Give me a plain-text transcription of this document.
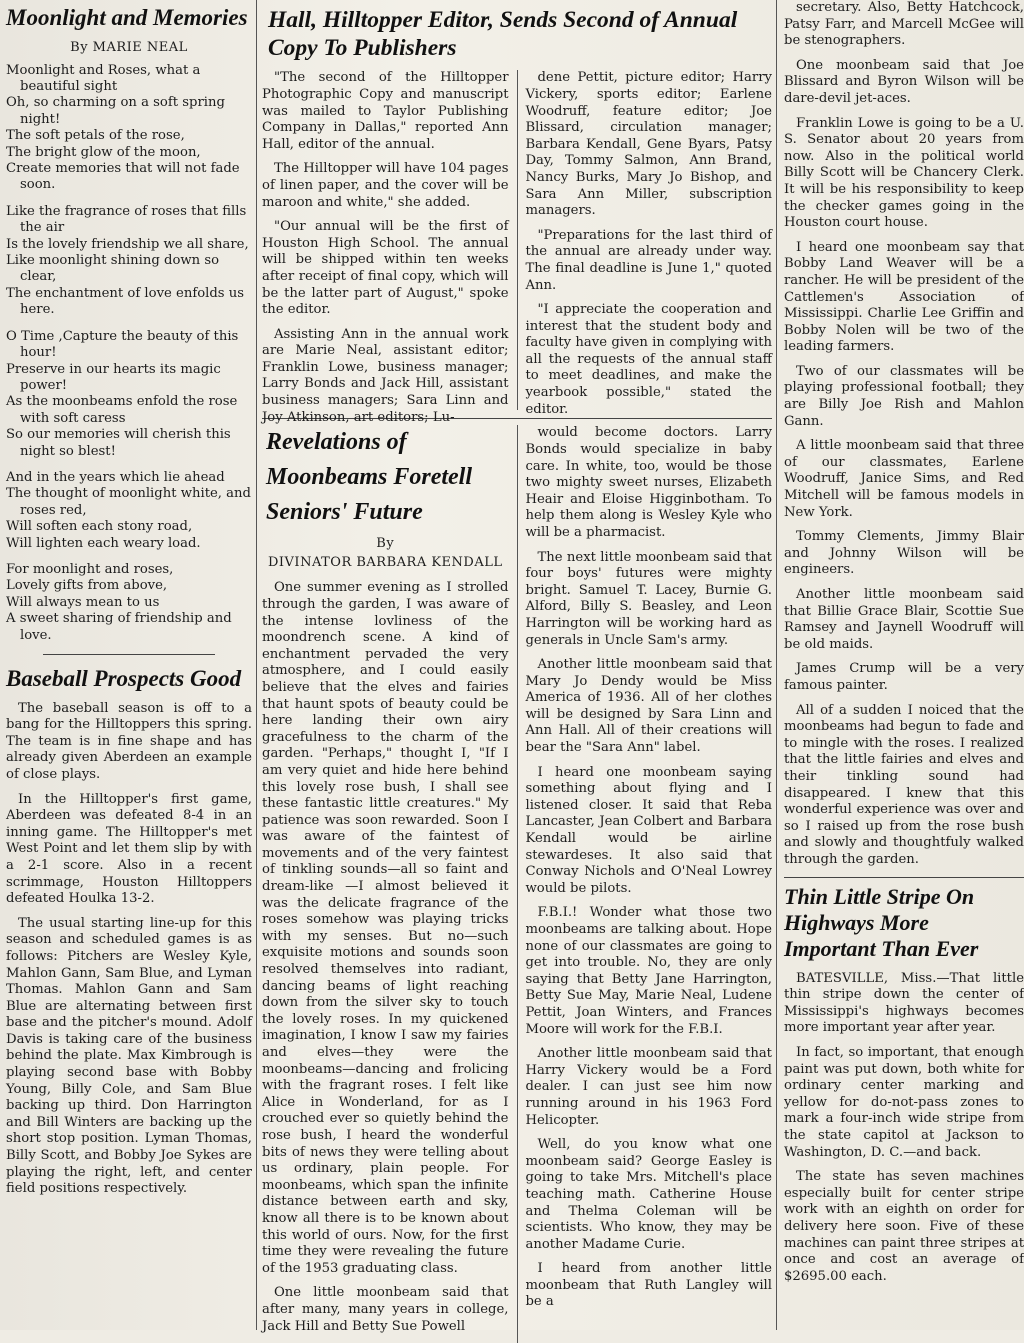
Moonlight and Memories
By MARIE NEAL

Moonlight and Roses, what a beautiful sight

Oh, so charming on a soft spring night!

The soft petals of the rose,

The bright glow of the moon,

Create memories that will not fade soon.

Like the fragrance of roses that fills the air

Is the lovely friendship we all share,

Like moonlight shining down so clear,

The enchantment of love enfolds us here.

O Time ,Capture the beauty of this hour!

Preserve in our hearts its magic power!

As the moonbeams enfold the rose with soft caress

So our memories will cherish this night so blest!

And in the years which lie ahead

The thought of moonlight white, and roses red,

Will soften each stony road,

Will lighten each weary load.

For moonlight and roses,

Lovely gifts from above,

Will always mean to us

A sweet sharing of friendship and love.

Baseball Prospects Good

The baseball season is off to a bang for the Hilltoppers this spring. The team is in fine shape and has already given Aberdeen an example of close plays.

In the Hilltopper's first game, Aberdeen was defeated 8-4 in an inning game. The Hilltopper's met West Point and let them slip by with a 2-1 score. Also in a recent scrimmage, Houston Hilltoppers defeated Houlka 13-2.

The usual starting line-up for this season and scheduled games is as follows: Pitchers are Wesley Kyle, Mahlon Gann, Sam Blue, and Lyman Thomas. Mahlon Gann and Sam Blue are alternating between first base and the pitcher's mound. Adolf Davis is taking care of the business behind the plate. Max Kimbrough is playing second base with Bobby Young, Billy Cole, and Sam Blue backing up third. Don Harrington and Bill Winters are backing up the short stop position. Lyman Thomas, Billy Scott, and Bobby Joe Sykes are playing the right, left, and center field positions respectively.

Hall, Hilltopper Editor, Sends Second of Annual Copy To Publishers

"The second of the Hilltopper Photographic Copy and manuscript was mailed to Taylor Publishing Company in Dallas," reported Ann Hall, editor of the annual.

The Hilltopper will have 104 pages of linen paper, and the cover will be maroon and white," she added.

"Our annual will be the first of Houston High School. The annual will be shipped within ten weeks after receipt of final copy, which will be the latter part of August," spoke the editor.

Assisting Ann in the annual work are Marie Neal, assistant editor; Franklin Lowe, business manager; Larry Bonds and Jack Hill, assistant business managers; Sara Linn and Joy Atkinson, art editors; Lu-

dene Pettit, picture editor; Harry Vickery, sports editor; Earlene Woodruff, feature editor; Joe Blissard, circulation manager; Barbara Kendall, Gene Byars, Patsy Day, Tommy Salmon, Ann Brand, Nancy Burks, Mary Jo Bishop, and Sara Ann Miller, subscription managers.

"Preparations for the last third of the annual are already under way. The final deadline is June 1," quoted Ann.

"I appreciate the cooperation and interest that the student body and faculty have given in complying with all the requests of the annual staff to meet deadlines, and make the yearbook possible," stated the editor.

Revelations of Moonbeams Foretell Seniors' Future
By
DIVINATOR BARBARA KENDALL

One summer evening as I strolled through the garden, I was aware of the intense lovliness of the moondrench scene. A kind of enchantment pervaded the very atmosphere, and I could easily believe that the elves and fairies that haunt spots of beauty could be here landing their own airy gracefulness to the charm of the garden. "Perhaps," thought I, "If I am very quiet and hide here behind this lovely rose bush, I shall see these fantastic little creatures." My patience was soon rewarded. Soon I was aware of the faintest of movements and of the very faintest of tinkling sounds—all so faint and dream-like —I almost believed it was the delicate fragrance of the roses somehow was playing tricks with my senses. But no—such exquisite motions and sounds soon resolved themselves into radiant, dancing beams of light reaching down from the silver sky to touch the lovely roses. In my quickened imagination, I know I saw my fairies and elves—they were the moonbeams—dancing and frolicing with the fragrant roses. I felt like Alice in Wonderland, for as I crouched ever so quietly behind the rose bush, I heard the wonderful bits of news they were telling about us ordinary, plain people. For moonbeams, which span the infinite distance between earth and sky, know all there is to be known about this world of ours. Now, for the first time they were revealing the future of the 1953 graduating class.

One little moonbeam said that after many, many years in college, Jack Hill and Betty Sue Powell

would become doctors. Larry Bonds would specialize in baby care. In white, too, would be those two mighty sweet nurses, Elizabeth Heair and Eloise Higginbotham. To help them along is Wesley Kyle who will be a pharmacist.

The next little moonbeam said that four boys' futures were mighty bright. Samuel T. Lacey, Burnie G. Alford, Billy S. Beasley, and Leon Harrington will be working hard as generals in Uncle Sam's army.

Another little moonbeam said that Mary Jo Dendy would be Miss America of 1936. All of her clothes will be designed by Sara Linn and Ann Hall. All of their creations will bear the "Sara Ann" label.

I heard one moonbeam saying something about flying and I listened closer. It said that Reba Lancaster, Jean Colbert and Barbara Kendall would be airline stewardeses. It also said that Conway Nichols and O'Neal Lowrey would be pilots.

F.B.I.! Wonder what those two moonbeams are talking about. Hope none of our classmates are going to get into trouble. No, they are only saying that Betty Jane Harrington, Betty Sue May, Marie Neal, Ludene Pettit, Joan Winters, and Frances Moore will work for the F.B.I.

Another little moonbeam said that Harry Vickery would be a Ford dealer. I can just see him now running around in his 1963 Ford Helicopter.

Well, do you know what one moonbeam said? George Easley is going to take Mrs. Mitchell's place teaching math. Catherine House and Thelma Coleman will be scientists. Who know, they may be another Madame Curie.

I heard from another little moonbeam that Ruth Langley will be a

secretary. Also, Betty Hatchcock, Patsy Farr, and Marcell McGee will be stenographers.

One moonbeam said that Joe Blissard and Byron Wilson will be dare-devil jet-aces.

Franklin Lowe is going to be a U. S. Senator about 20 years from now. Also in the political world Billy Scott will be Chancery Clerk. It will be his responsibility to keep the checker games going in the Houston court house.

I heard one moonbeam say that Bobby Land Weaver will be a rancher. He will be president of the Cattlemen's Association of Mississippi. Charlie Lee Griffin and Bobby Nolen will be two of the leading farmers.

Two of our classmates will be playing professional football; they are Billy Joe Rish and Mahlon Gann.

A little moonbeam said that three of our classmates, Earlene Woodruff, Janice Sims, and Red Mitchell will be famous models in New York.

Tommy Clements, Jimmy Blair and Johnny Wilson will be engineers.

Another little moonbeam said that Billie Grace Blair, Scottie Sue Ramsey and Jaynell Woodruff will be old maids.

James Crump will be a very famous painter.

All of a sudden I noiced that the moonbeams had begun to fade and to mingle with the roses. I realized that the little fairies and elves and their tinkling sound had disappeared. I knew that this wonderful experience was over and so I raised up from the rose bush and slowly and thoughtfuly walked through the garden.

Thin Little Stripe On Highways More Important Than Ever

BATESVILLE, Miss.—That little thin stripe down the center of Mississippi's highways becomes more important year after year.

In fact, so important, that enough paint was put down, both white for ordinary center marking and yellow for do-not-pass zones to mark a four-inch wide stripe from the state capitol at Jackson to Washington, D. C.—and back.

The state has seven machines especially built for center stripe work with an eighth on order for delivery here soon. Five of these machines can paint three stripes at once and cost an average of $2695.00 each.
